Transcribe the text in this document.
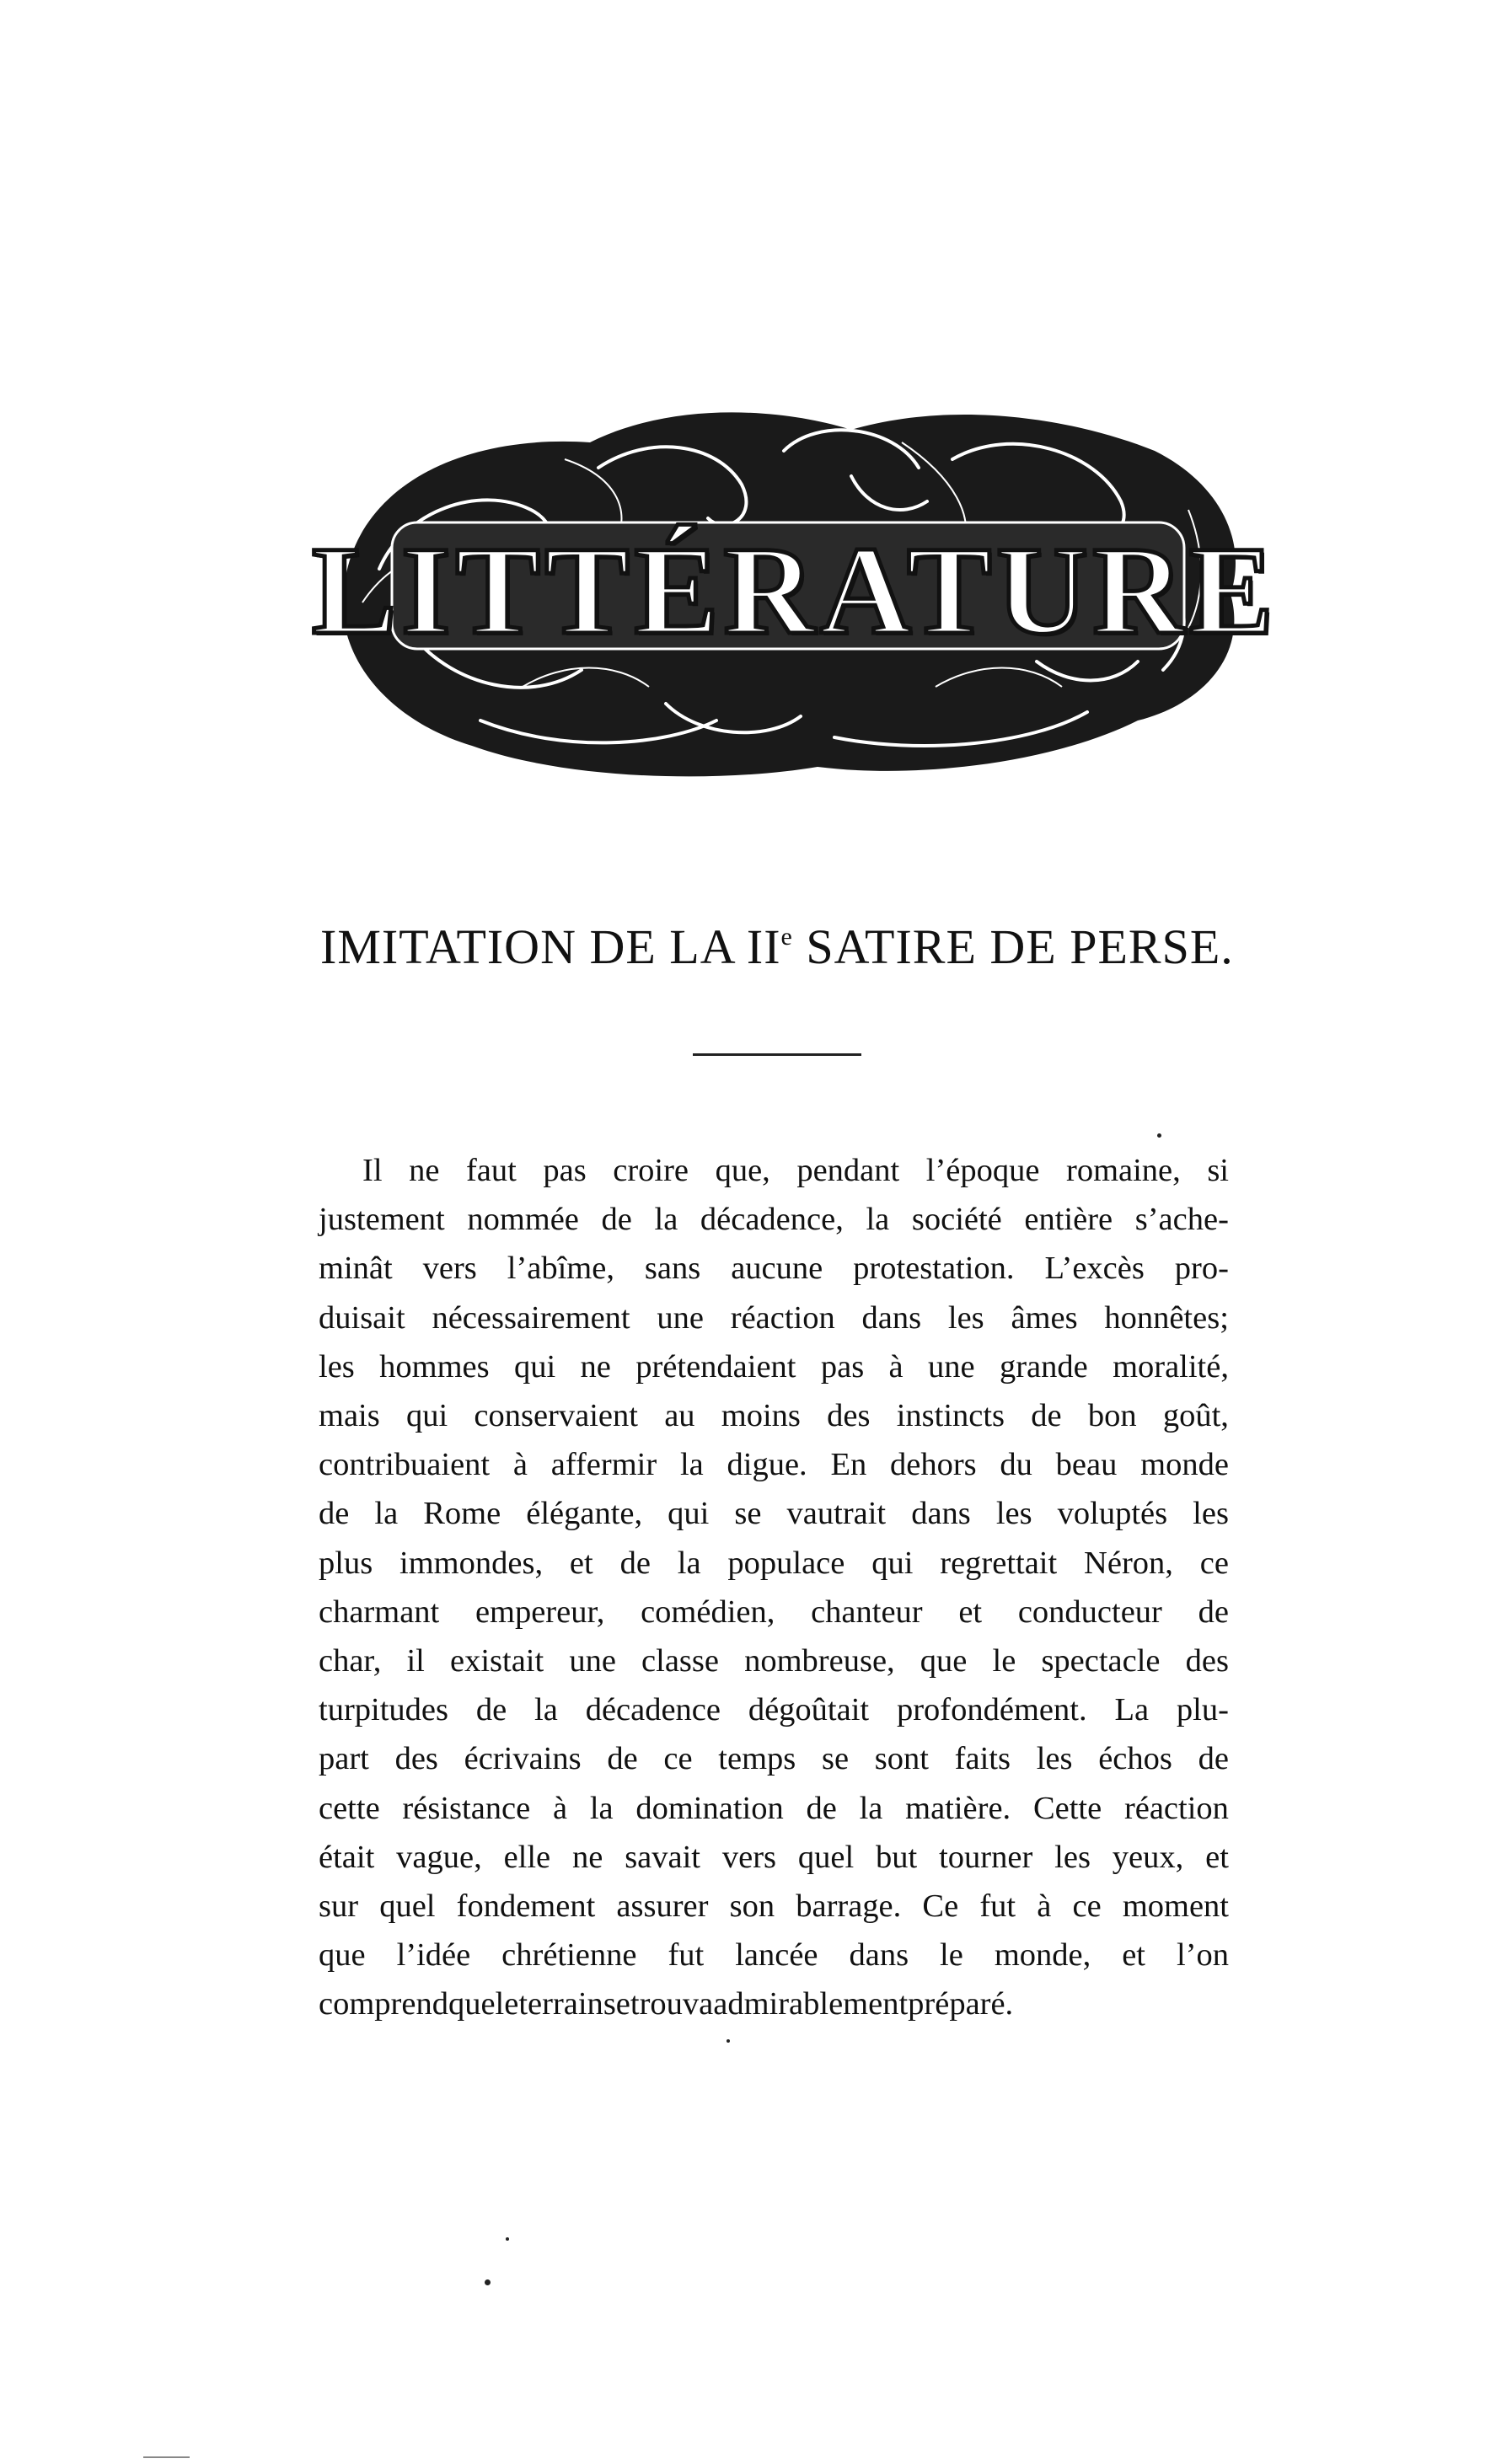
LITTÉRATURE
IMITATION DE LA IIe SATIRE DE PERSE.
Il ne faut pas croire que, pendant l’époque romaine, si
justement nommée de la décadence, la société entière s’ache-
minât vers l’abîme, sans aucune protestation. L’excès pro-
duisait nécessairement une réaction dans les âmes honnêtes;
les hommes qui ne prétendaient pas à une grande moralité,
mais qui conservaient au moins des instincts de bon goût,
contribuaient à affermir la digue. En dehors du beau monde
de la Rome élégante, qui se vautrait dans les voluptés les
plus immondes, et de la populace qui regrettait Néron, ce
charmant empereur, comédien, chanteur et conducteur de
char, il existait une classe nombreuse, que le spectacle des
turpitudes de la décadence dégoûtait profondément. La plu-
part des écrivains de ce temps se sont faits les échos de
cette résistance à la domination de la matière. Cette réaction
était vague, elle ne savait vers quel but tourner les yeux, et
sur quel fondement assurer son barrage. Ce fut à ce moment
que l’idée chrétienne fut lancée dans le monde, et l’on
comprend que le terrain se trouva admirablement préparé.
